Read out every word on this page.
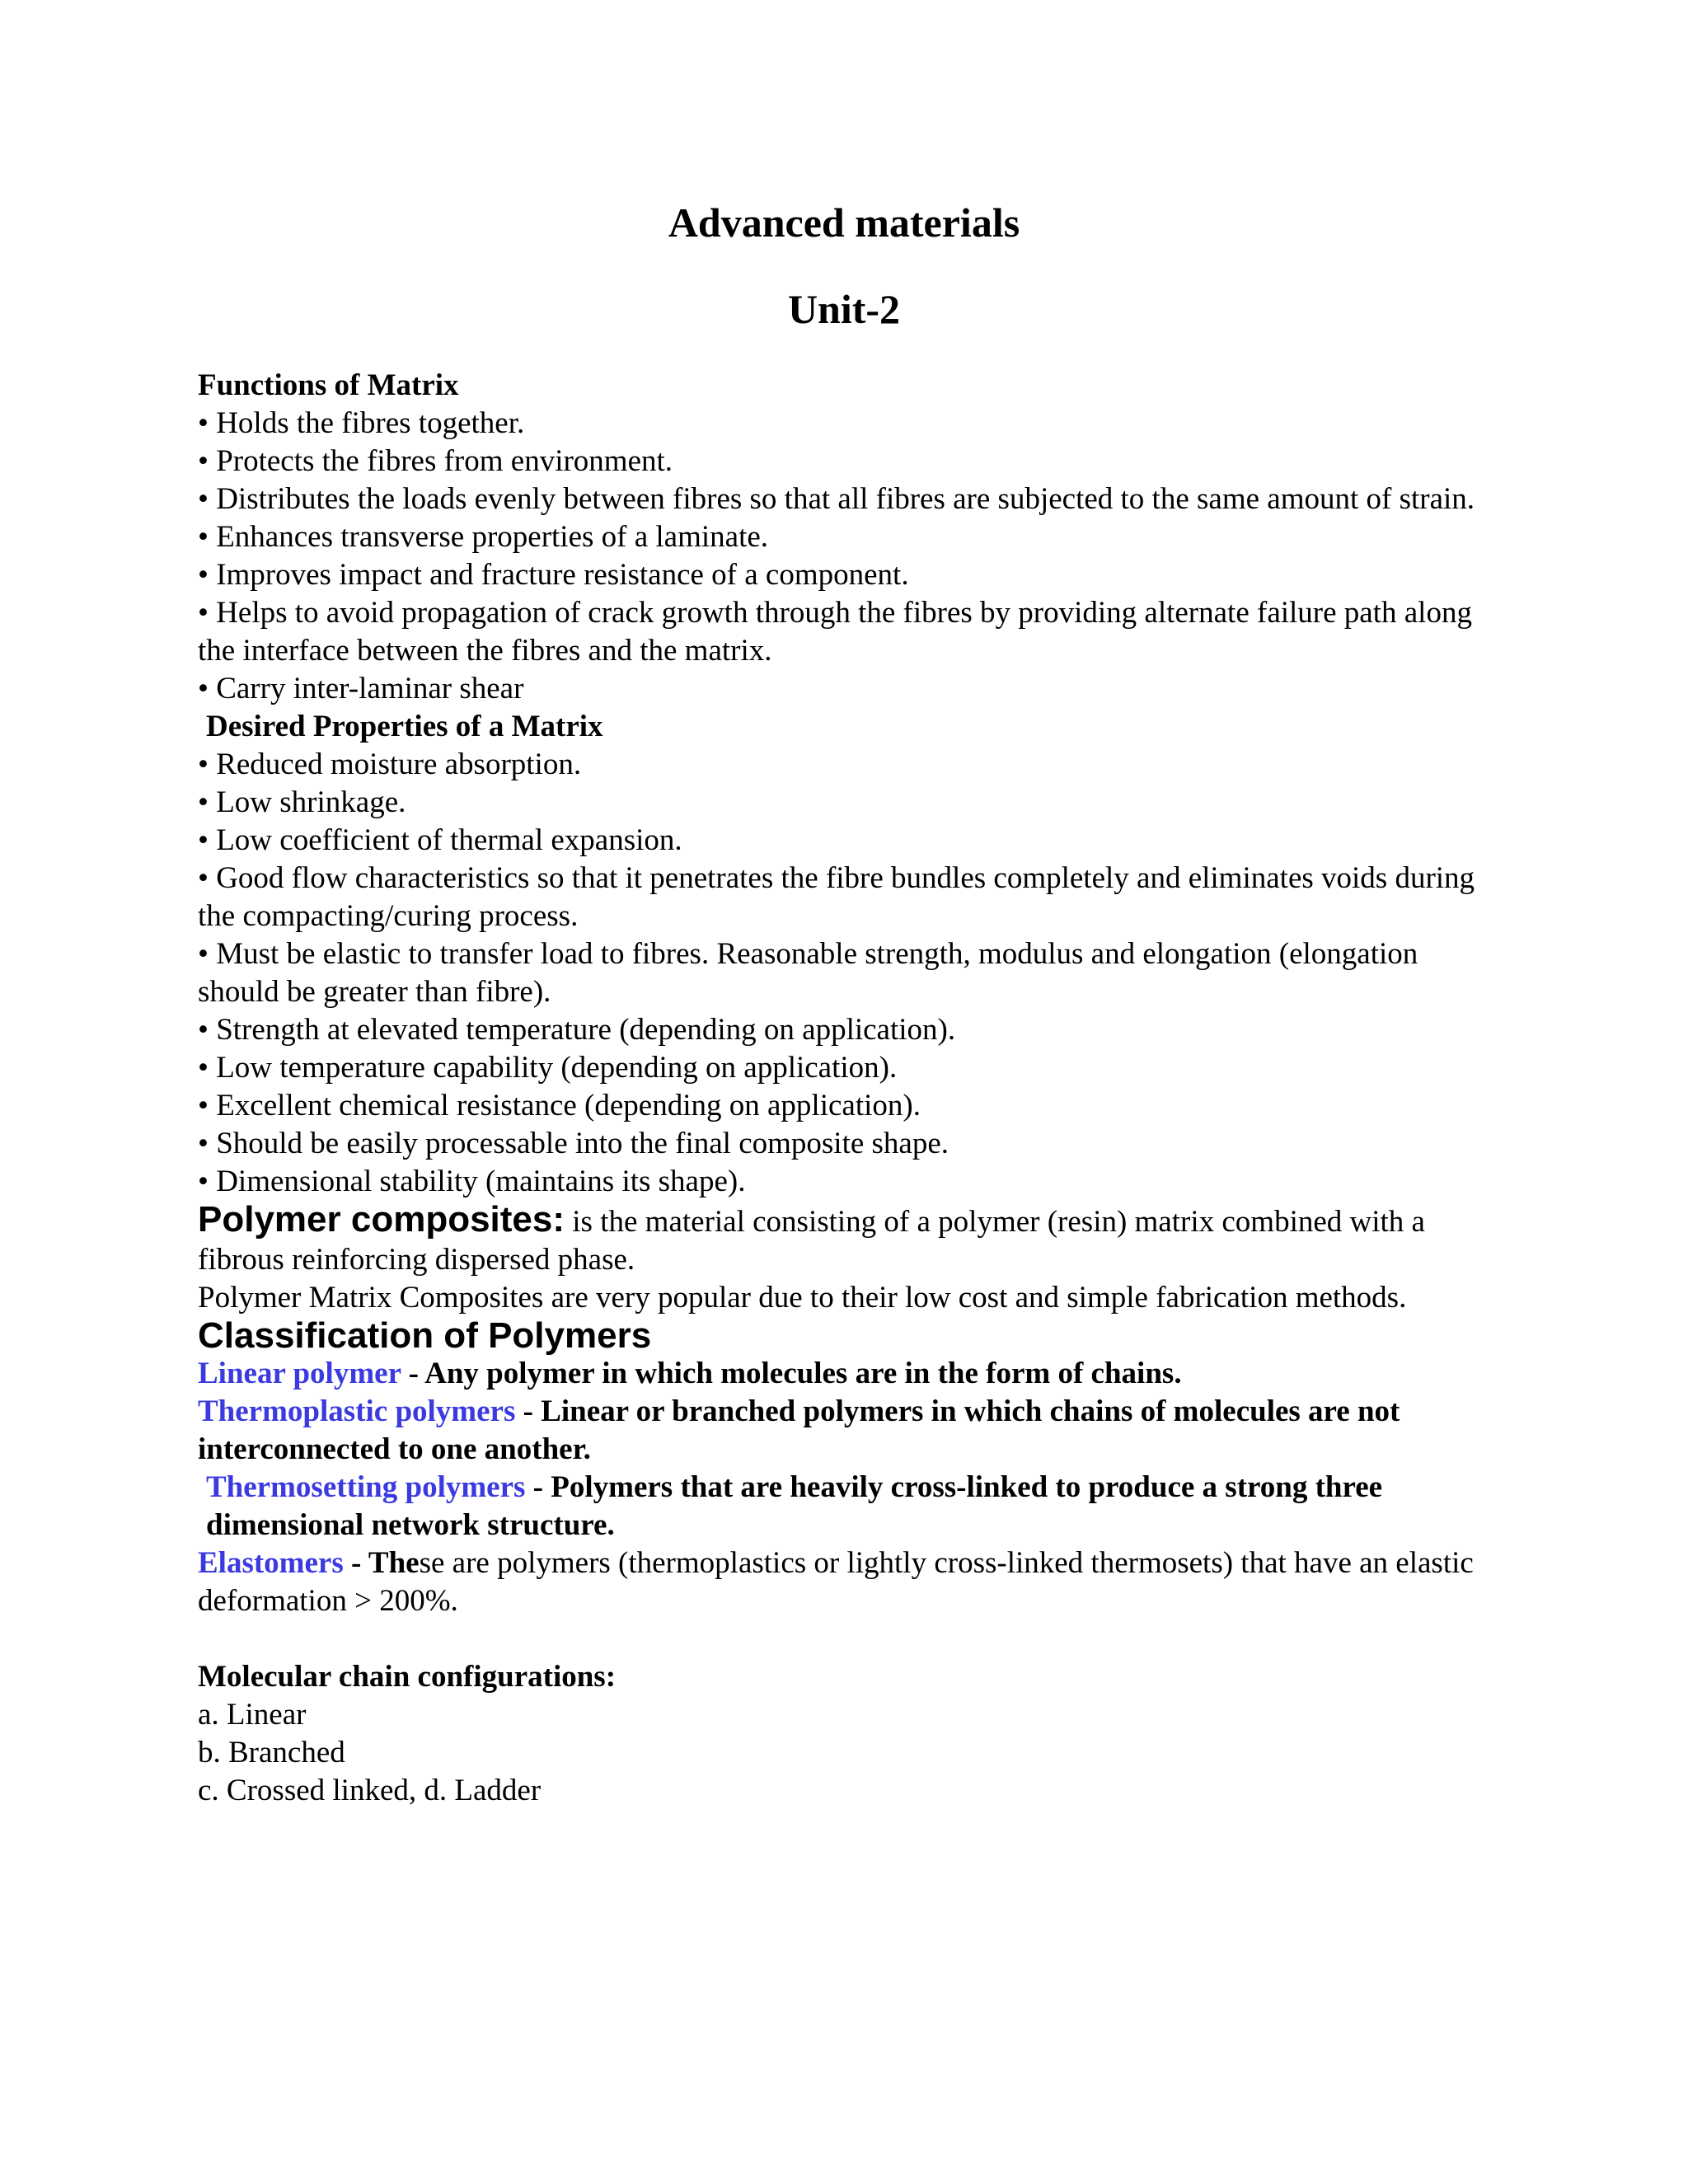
Advanced materials
Unit-2

Functions of Matrix

• Holds the fibres together.

• Protects the fibres from environment.

• Distributes the loads evenly between fibres so that all fibres are subjected to the same amount of strain.

• Enhances transverse properties of a laminate.

• Improves impact and fracture resistance of a component.

• Helps to avoid propagation of crack growth through the fibres by providing alternate failure path along the interface between the fibres and the matrix.

• Carry inter-laminar shear

Desired Properties of a Matrix

• Reduced moisture absorption.

• Low shrinkage.

• Low coefficient of thermal expansion.

• Good flow characteristics so that it penetrates the fibre bundles completely and eliminates voids during the compacting/curing process.

• Must be elastic to transfer load to fibres. Reasonable strength, modulus and elongation (elongation should be greater than fibre).

• Strength at elevated temperature (depending on application).

• Low temperature capability (depending on application).

• Excellent chemical resistance (depending on application).

• Should be easily processable into the final composite shape.

• Dimensional stability (maintains its shape).

Polymer composites: is the material consisting of a polymer (resin) matrix combined with a fibrous reinforcing dispersed phase.

Polymer Matrix Composites are very popular due to their low cost and simple fabrication methods.

Classification of Polymers

Linear polymer - Any polymer in which molecules are in the form of chains.

Thermoplastic polymers - Linear or branched polymers in which chains of molecules are not interconnected to one another.

Thermosetting polymers - Polymers that are heavily cross-linked to produce a strong three dimensional network structure.

Elastomers - These are polymers (thermoplastics or lightly cross-linked thermosets) that have an elastic deformation > 200%.

Molecular chain configurations:

a. Linear

b. Branched

c. Crossed linked, d. Ladder
